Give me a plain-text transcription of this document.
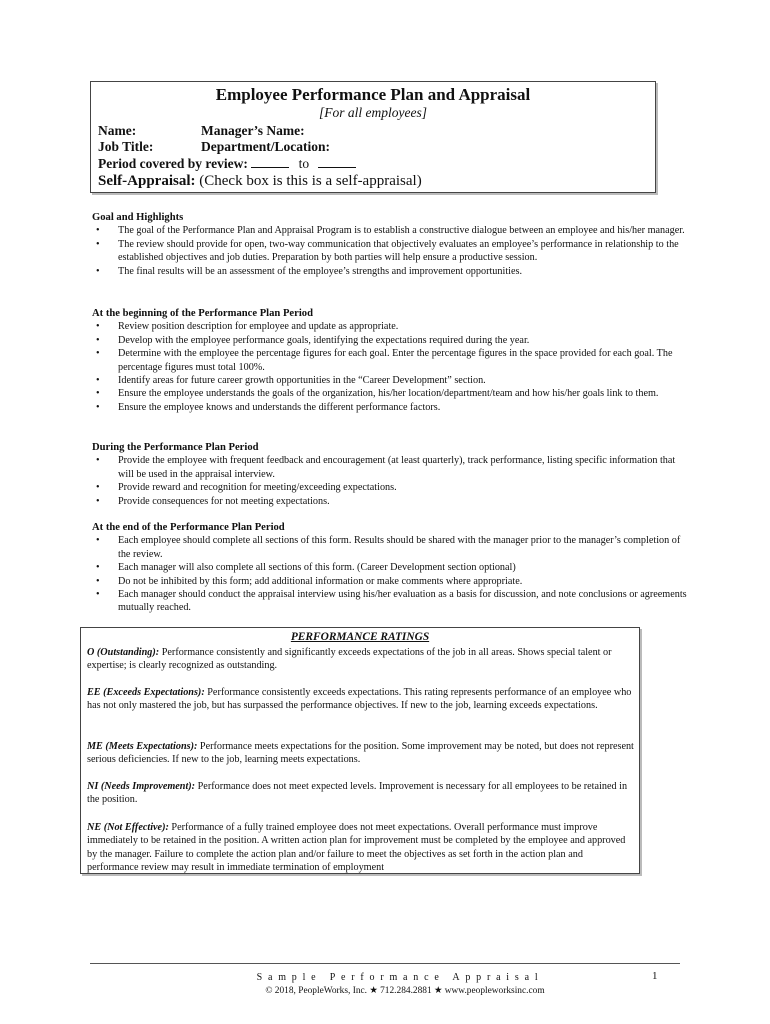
Employee Performance Plan and Appraisal
[For all employees]
Name:	Manager’s Name:
Job Title:	Department/Location:
Period covered by review:	to
Self-Appraisal: (Check box is this is a self-appraisal)
Goal and Highlights
• The goal of the Performance Plan and Appraisal Program is to establish a constructive dialogue between an employee and his/her manager.
• The review should provide for open, two-way communication that objectively evaluates an employee’s performance in relationship to the established objectives and job duties. Preparation by both parties will help ensure a productive session.
• The final results will be an assessment of the employee’s strengths and improvement opportunities.
At the beginning of the Performance Plan Period
• Review position description for employee and update as appropriate.
• Develop with the employee performance goals, identifying the expectations required during the year.
• Determine with the employee the percentage figures for each goal. Enter the percentage figures in the space provided for each goal. The percentage figures must total 100%.
• Identify areas for future career growth opportunities in the “Career Development” section.
• Ensure the employee understands the goals of the organization, his/her location/department/team and how his/her goals link to them.
• Ensure the employee knows and understands the different performance factors.
During the Performance Plan Period
• Provide the employee with frequent feedback and encouragement (at least quarterly), track performance, listing specific information that will be used in the appraisal interview.
• Provide reward and recognition for meeting/exceeding expectations.
• Provide consequences for not meeting expectations.
At the end of the Performance Plan Period
• Each employee should complete all sections of this form. Results should be shared with the manager prior to the manager’s completion of the review.
• Each manager will also complete all sections of this form. (Career Development section optional)
• Do not be inhibited by this form; add additional information or make comments where appropriate.
• Each manager should conduct the appraisal interview using his/her evaluation as a basis for discussion, and note conclusions or agreements mutually reached.
PERFORMANCE RATINGS
O (Outstanding): Performance consistently and significantly exceeds expectations of the job in all areas. Shows special talent or expertise; is clearly recognized as outstanding.
EE (Exceeds Expectations): Performance consistently exceeds expectations. This rating represents performance of an employee who has not only mastered the job, but has surpassed the performance objectives. If new to the job, learning exceeds expectations.
ME (Meets Expectations): Performance meets expectations for the position. Some improvement may be noted, but does not represent serious deficiencies. If new to the job, learning meets expectations.
NI (Needs Improvement): Performance does not meet expected levels. Improvement is necessary for all employees to be retained in the position.
NE (Not Effective): Performance of a fully trained employee does not meet expectations. Overall performance must improve immediately to be retained in the position. A written action plan for improvement must be completed by the employee and approved by the manager. Failure to complete the action plan and/or failure to meet the objectives as set forth in the action plan and performance review may result in immediate termination of employment
Sample Performance Appraisal
© 2018, PeopleWorks, Inc. ★ 712.284.2881 ★ www.peopleworksinc.com
1
